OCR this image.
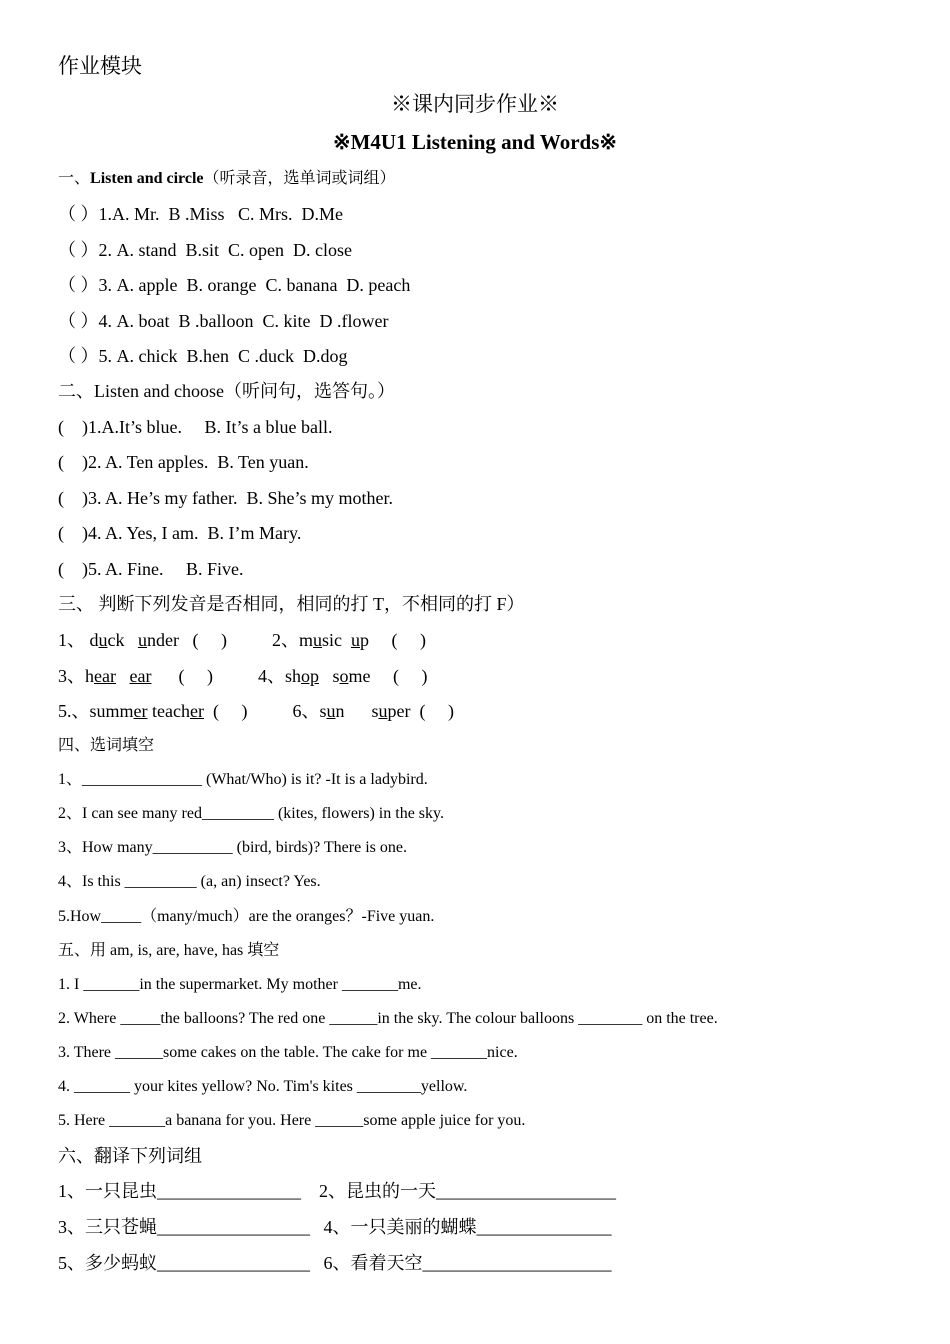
作业模块
※课内同步作业※
※M4U1 Listening and Words※
一、Listen and circle（听录音，选单词或词组）
（ ）1.A. Mr.  B .Miss   C. Mrs.  D.Me
（ ）2. A. stand  B.sit  C. open  D. close
（ ）3. A. apple  B. orange  C. banana  D. peach
（ ）4. A. boat  B .balloon  C. kite  D .flower
（ ）5. A. chick  B.hen  C .duck  D.dog
二、Listen and choose（听问句，选答句。）
(    )1.A.It’s blue.     B. It’s a blue ball.
(    )2. A. Ten apples.  B. Ten yuan.
(    )3. A. He’s my father.  B. She’s my mother.
(    )4. A. Yes, I am.  B. I’m Mary.
(    )5. A. Fine.     B. Five.
三、 判断下列发音是否相同，相同的打 T，不相同的打 F）
1、 duck under   (     )	2、music up     (     )
3、hear ear      (     )	4、shop some     (     )
5.、summer teacher  (     )	6、sun super  (     )
四、选词填空
1、_______________ (What/Who) is it? -It is a ladybird.
2、I can see many red_________ (kites, flowers) in the sky.
3、How many__________ (bird, birds)? There is one.
4、Is this _________ (a, an) insect? Yes.
5.How_____（many/much）are the oranges？-Five yuan.
五、用 am, is, are, have, has 填空
1. I _______in the supermarket. My mother _______me.
2. Where _____the balloons? The red one ______in the sky. The colour balloons ________ on the tree.
3. There ______some cakes on the table. The cake for me _______nice.
4. _______ your kites yellow? No. Tim's kites ________yellow.
5. Here _______a banana for you. Here ______some apple juice for you.
六、翻译下列词组
1、一只昆虫________________    2、昆虫的一天____________________
3、三只苍蝇_________________   4、一只美丽的蝴蝶_______________
5、多少蚂蚁_________________   6、看着天空_____________________
